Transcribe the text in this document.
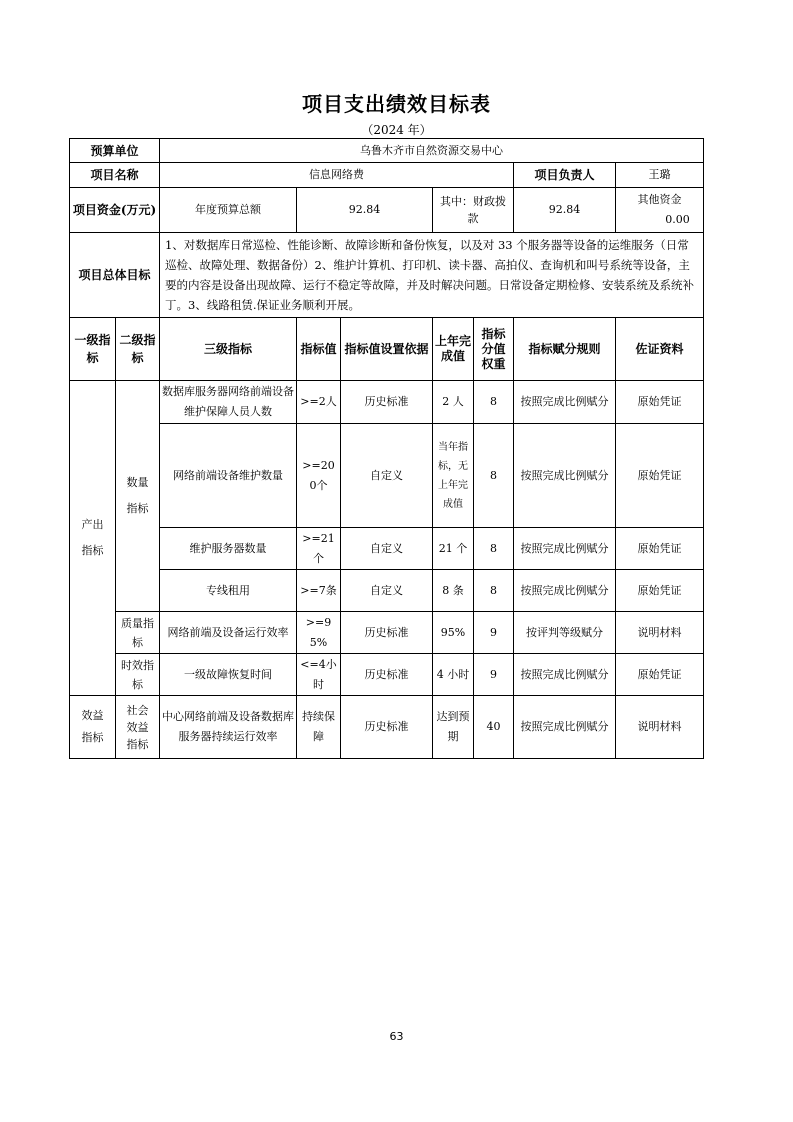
项目支出绩效目标表
（2024 年）
预算单位		乌鲁木齐市自然资源交易中心						
项目名称		信息网络费					项目负责人	王璐
项目资金(万元)		年度预算总额	92.84		其中：财政拨款		92.84	其他资金0.00
项目总体目标		1、对数据库日常巡检、性能诊断、故障诊断和备份恢复，以及对 33 个服务器等设备的运维服务（日常巡检、故障处理、数据备份）2、维护计算机、打印机、读卡器、高拍仪、查询机和叫号系统等设备，主要的内容是设备出现故障、运行不稳定等故障，并及时解决问题。日常设备定期检修、安装系统及系统补丁。3、线路租赁.保证业务顺利开展。						
一级指标	二级指标	三级指标	指标值	指标值设置依据	上年完成值	指标分值权重	指标赋分规则	佐证资料
产出指标	数量指标	数据库服务器网络前端设备维护保障人员人数	>=2人	历史标准	2 人	8	按照完成比例赋分	原始凭证
		网络前端设备维护数量	>=200个	自定义	当年指标，无上年完成值	8	按照完成比例赋分	原始凭证
		维护服务器数量	>=21个	自定义	21 个	8	按照完成比例赋分	原始凭证
		专线租用	>=7条	自定义	8 条	8	按照完成比例赋分	原始凭证
	质量指标	网络前端及设备运行效率	>=95%	历史标准	95%	9	按评判等级赋分	说明材料
	时效指标	一级故障恢复时间	<=4小时	历史标准	4 小时	9	按照完成比例赋分	原始凭证
效益指标	社会效益指标	中心网络前端及设备数据库服务器持续运行效率	持续保障	历史标准	达到预期	40	按照完成比例赋分	说明材料
63
